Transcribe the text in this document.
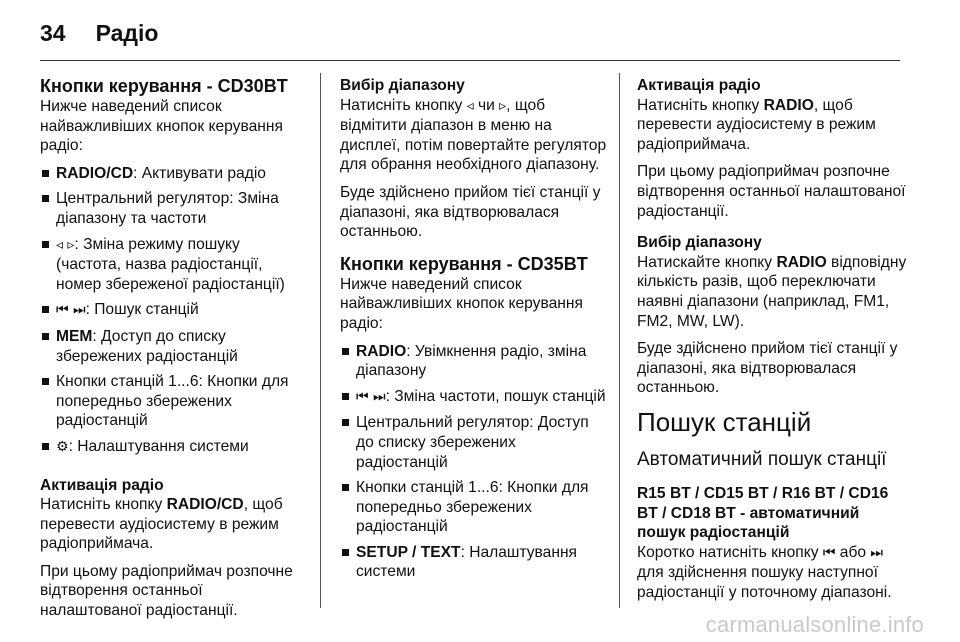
34 Радіо
Кнопки керування - CD30BT

Нижче наведений список найважливіших кнопок керування радіо:

RADIO/CD: Активувати радіо
Центральний регулятор: Зміна діапазону та частоти
◃ ▹: Зміна режиму пошуку (частота, назва радіостанції, номер збереженої радіостанції)
⏮ ⏭: Пошук станцій
MEM: Доступ до списку збережених радіостанцій
Кнопки станцій 1...6: Кнопки для попередньо збережених радіостанцій
⚙: Налаштування системи
Активація радіо

Натисніть кнопку RADIO/CD, щоб перевести аудіосистему в режим радіоприймача.

При цьому радіоприймач розпочне відтворення останньої налаштованої радіостанції.

Вибір діапазону

Натисніть кнопку ◃ чи ▹, щоб відмітити діапазон в меню на дисплеї, потім повертайте регулятор для обрання необхідного діапазону.

Буде здійснено прийом тієї станції у діапазоні, яка відтворювалася останньою.

Кнопки керування - CD35BT

Нижче наведений список найважливіших кнопок керування радіо:

RADIO: Увімкнення радіо, зміна діапазону
⏮ ⏭: Зміна частоти, пошук станцій
Центральний регулятор: Доступ до списку збережених радіостанцій
Кнопки станцій 1...6: Кнопки для попередньо збережених радіостанцій
SETUP / TEXT: Налаштування системи
Активація радіо

Натисніть кнопку RADIO, щоб перевести аудіосистему в режим радіоприймача.

При цьому радіоприймач розпочне відтворення останньої налаштованої радіостанції.

Вибір діапазону

Натискайте кнопку RADIO відповідну кількість разів, щоб переключати наявні діапазони (наприклад, FM1, FM2, MW, LW).

Буде здійснено прийом тієї станції у діапазоні, яка відтворювалася останньою.

Пошук станцій
Автоматичний пошук станції
R15 BT / CD15 BT / R16 BT / CD16 BT / CD18 BT - автоматичний пошук радіостанцій

Коротко натисніть кнопку ⏮ або ⏭ для здійснення пошуку наступної радіостанції у поточному діапазоні.

carmanualsonline.info
